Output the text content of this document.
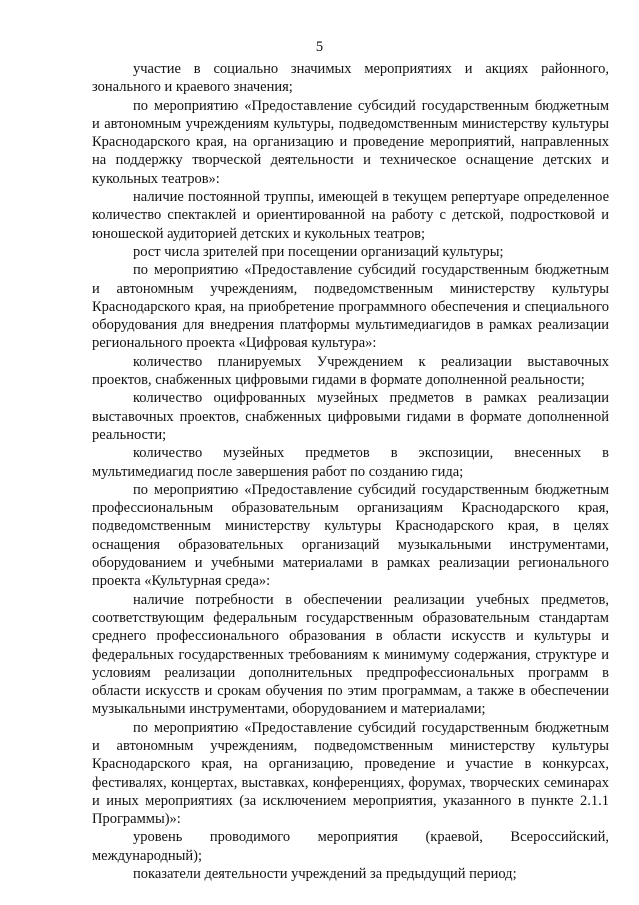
5

участие в социально значимых мероприятиях и акциях районного, зонального и краевого значения;

по мероприятию «Предоставление субсидий государственным бюджетным и автономным учреждениям культуры, подведомственным министерству культуры Краснодарского края, на организацию и проведение мероприятий, направленных на поддержку творческой деятельности и техническое оснащение детских и кукольных театров»:

наличие постоянной труппы, имеющей в текущем репертуаре определенное количество спектаклей и ориентированной на работу с детской, подростковой и юношеской аудиторией детских и кукольных театров;

рост числа зрителей при посещении организаций культуры;

по мероприятию «Предоставление субсидий государственным бюджетным и автономным учреждениям, подведомственным министерству культуры Краснодарского края, на приобретение программного обеспечения и специального оборудования для внедрения платформы мультимедиагидов в рамках реализации регионального проекта «Цифровая культура»:

количество планируемых Учреждением к реализации выставочных проектов, снабженных цифровыми гидами в формате дополненной реальности;

количество оцифрованных музейных предметов в рамках реализации выставочных проектов, снабженных цифровыми гидами в формате дополненной реальности;

количество музейных предметов в экспозиции, внесенных в мультимедиагид после завершения работ по созданию гида;

по мероприятию «Предоставление субсидий государственным бюджетным профессиональным образовательным организациям Краснодарского края, подведомственным министерству культуры Краснодарского края, в целях оснащения образовательных организаций музыкальными инструментами, оборудованием и учебными материалами в рамках реализации регионального проекта «Культурная среда»:

наличие потребности в обеспечении реализации учебных предметов, соответствующим федеральным государственным образовательным стандартам среднего профессионального образования в области искусств и культуры и федеральных государственных требованиям к минимуму содержания, структуре и условиям реализации дополнительных предпрофессиональных программ в области искусств и срокам обучения по этим программам, а также в обеспечении музыкальными инструментами, оборудованием и материалами;

по мероприятию «Предоставление субсидий государственным бюджетным и автономным учреждениям, подведомственным министерству культуры Краснодарского края, на организацию, проведение и участие в конкурсах, фестивалях, концертах, выставках, конференциях, форумах, творческих семинарах и иных мероприятиях (за исключением мероприятия, указанного в пункте 2.1.1 Программы)»:

уровень проводимого мероприятия (краевой, Всероссийский, международный);

показатели деятельности учреждений за предыдущий период;
